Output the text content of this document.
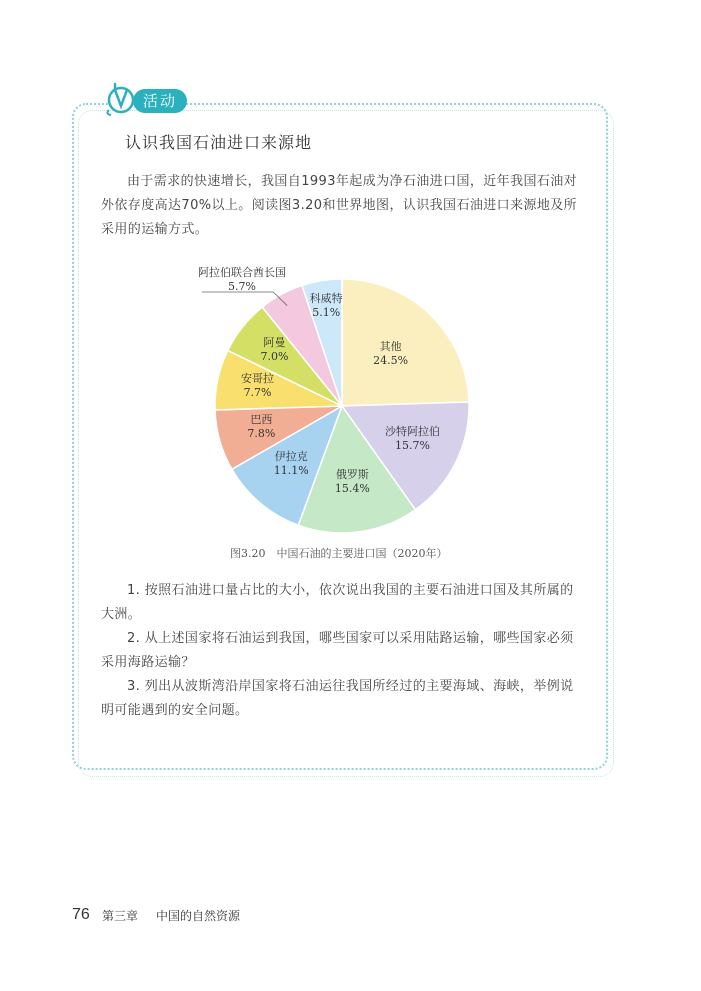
活动
认识我国石油进口来源地
由于需求的快速增长，我国自1993年起成为净石油进口国，近年我国石油对外依存度高达70%以上。阅读图3.20和世界地图，认识我国石油进口来源地及所采用的运输方式。
其他
24.5%
沙特阿拉伯
15.7%
俄罗斯
15.4%
伊拉克
11.1%
巴西
7.8%
安哥拉
7.7%
阿曼
7.0%
阿拉伯联合酋长国
5.7%
科威特
5.1%
图3.20　中国石油的主要进口国（2020年）
1. 按照石油进口量占比的大小，依次说出我国的主要石油进口国及其所属的大洲。
2. 从上述国家将石油运到我国，哪些国家可以采用陆路运输，哪些国家必须采用海路运输？
3. 列出从波斯湾沿岸国家将石油运往我国所经过的主要海域、海峡，举例说明可能遇到的安全问题。
76 第三章 中国的自然资源
